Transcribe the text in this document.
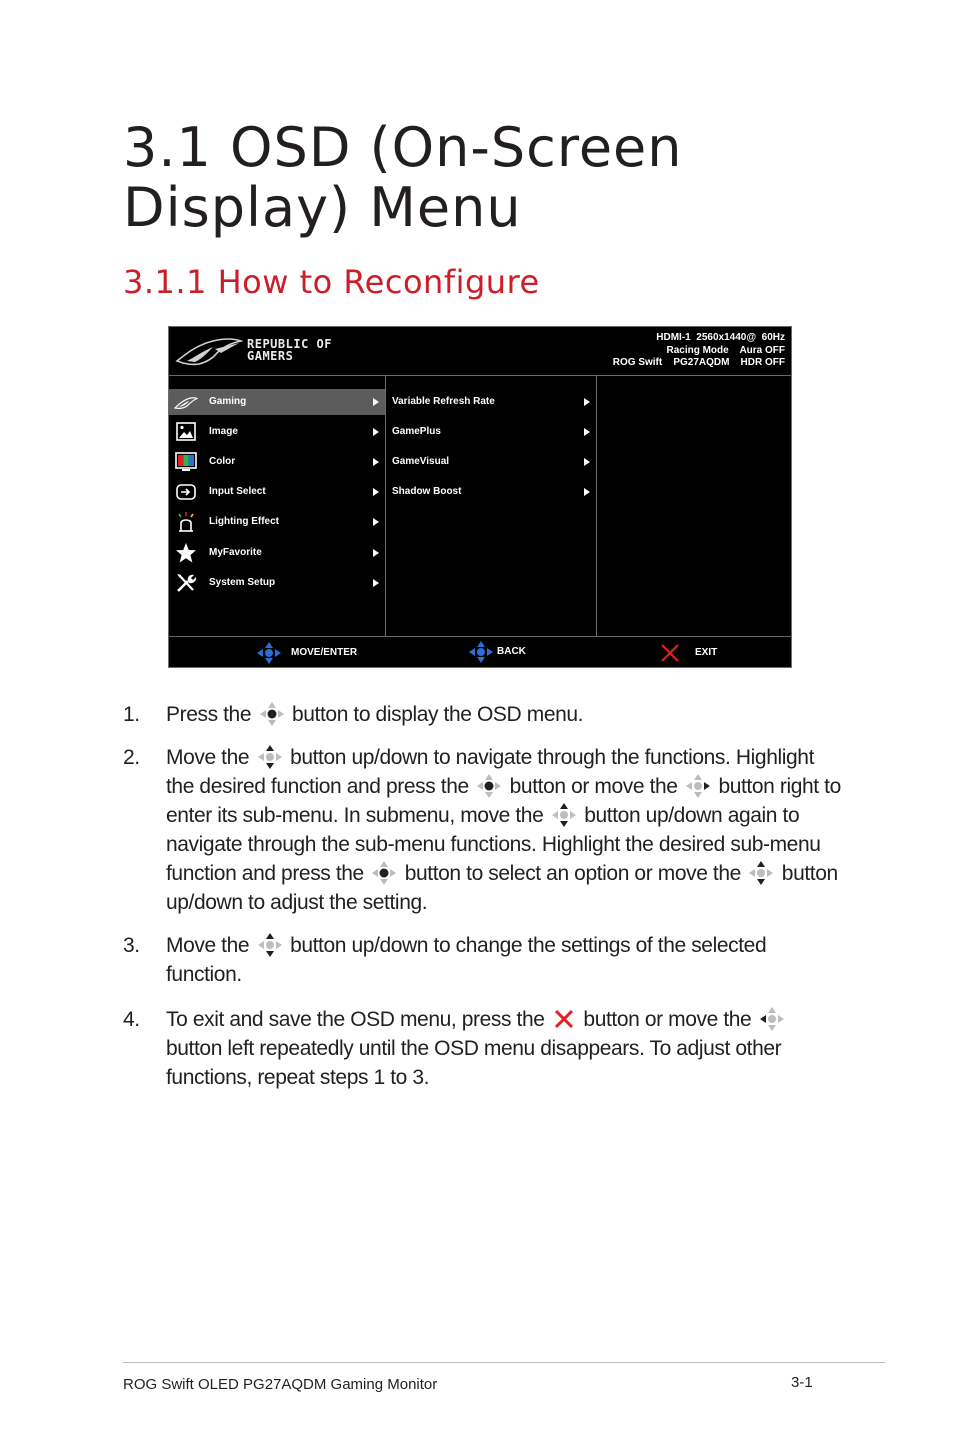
3.1 OSD (On-Screen Display) Menu
3.1.1 How to Reconfigure
REPUBLIC OF
GAMERS
HDMI-1  2560x1440@  60Hz
Racing Mode    Aura OFF
ROG Swift    PG27AQDM    HDR OFF
Gaming
Image
Color
Input Select
Lighting Effect
MyFavorite
System Setup
Variable Refresh Rate
GamePlus
GameVisual
Shadow Boost
MOVE/ENTER	BACK	EXIT
1. Press the button to display the OSD menu.
2. Move the button up/down to navigate through the functions. Highlight the desired function and press the button or move the button right to enter its sub-menu. In submenu, move the button up/down again to navigate through the sub-menu functions. Highlight the desired sub-menu function and press the button to select an option or move the button up/down to adjust the setting.
3. Move the button up/down to change the settings of the selected function.
4. To exit and save the OSD menu, press the button or move the  button left repeatedly until the OSD menu disappears. To adjust other functions, repeat steps 1 to 3.
ROG Swift OLED PG27AQDM Gaming Monitor	3-1
